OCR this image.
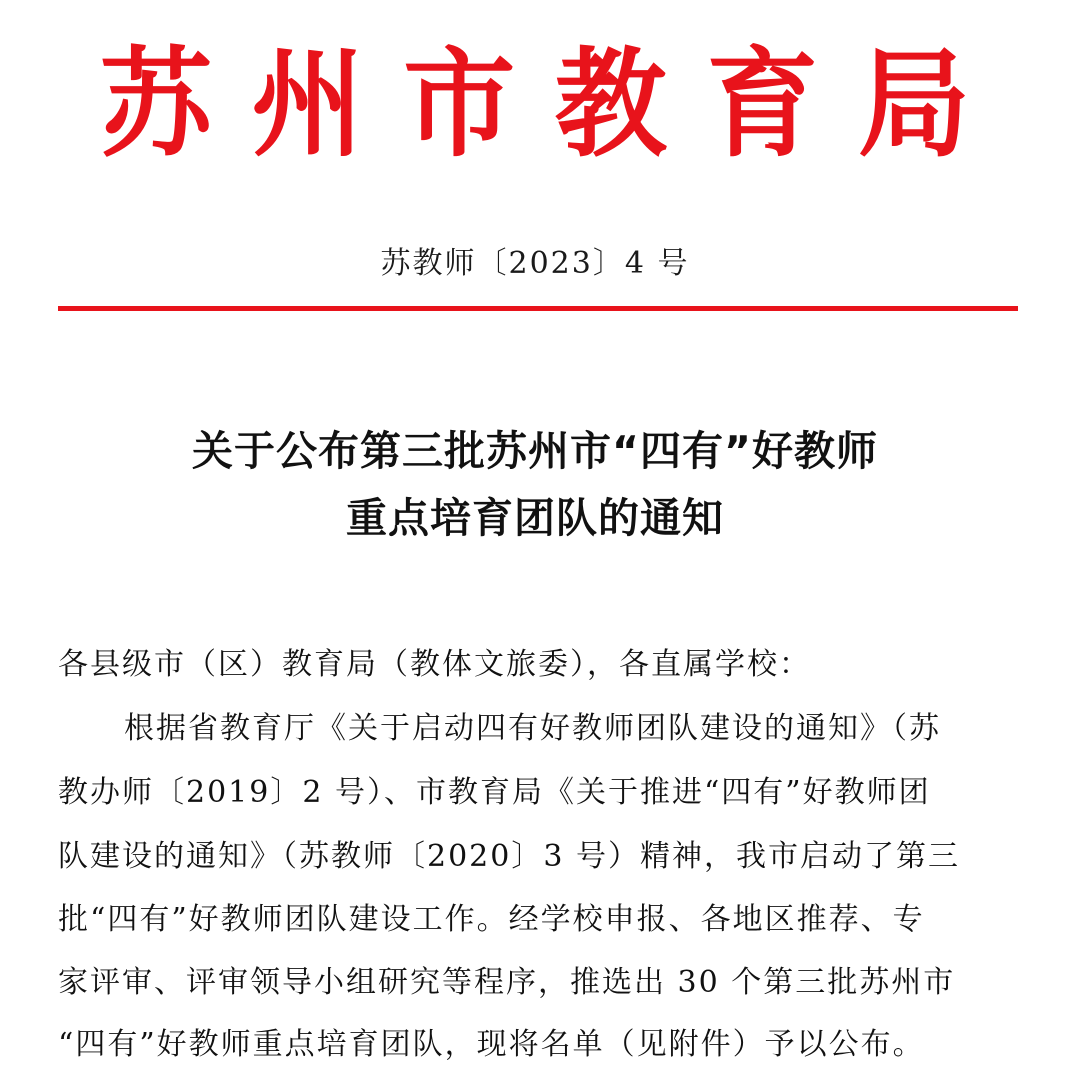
苏 州 市 教 育 局
苏教师〔2023〕4 号
关于公布第三批苏州市“四有”好教师
重点培育团队的通知
各县级市（区）教育局（教体文旅委），各直属学校：
根据省教育厅《关于启动四有好教师团队建设的通知》（苏
教办师〔2019〕2 号）、市教育局《关于推进“四有”好教师团
队建设的通知》（苏教师〔2020〕3 号）精神，我市启动了第三
批“四有”好教师团队建设工作。经学校申报、各地区推荐、专
家评审、评审领导小组研究等程序，推选出 30 个第三批苏州市
“四有”好教师重点培育团队，现将名单（见附件）予以公布。
